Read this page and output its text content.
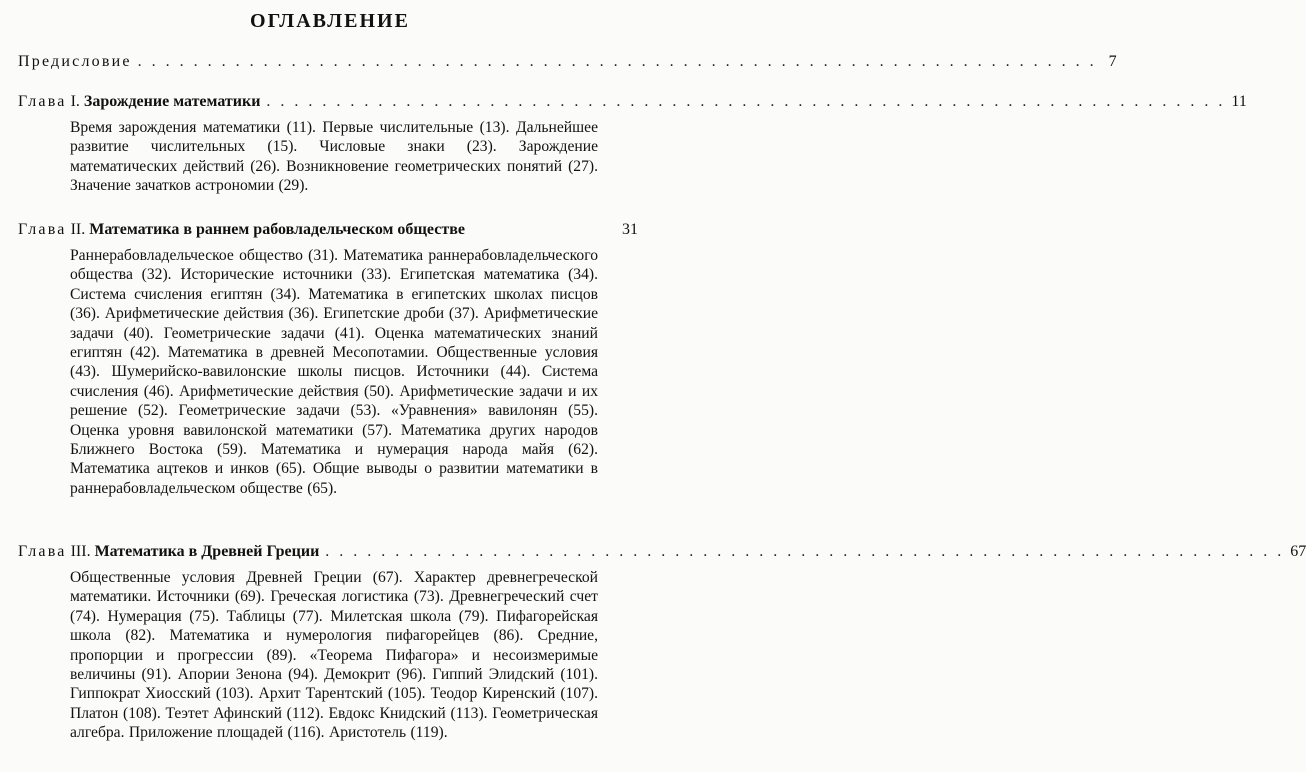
ОГЛАВЛЕНИЕ
Предисловие . . . . . . . . . . . . . . . . . . . . . . . . . . . . . . . . . . . . . . . . . . . . . . . . . . . . . . . . . . . . . . . . . . . . . 7
Глава I. Зарождение математики . . . . . . . . . . . . . . . . . . . . . . . . . . . . . . . . . . . . . . . . . . . . . . . . . . . . . . . . . . . . . . . . . . . . . 11
Время зарождения математики (11). Первые числительные (13). Дальнейшее развитие числительных (15). Числовые знаки (23). Зарождение математических действий (26). Возникновение геометрических понятий (27). Значение зачатков астрономии (29).
Глава II. Математика в раннем рабовладельческом обществе	31
Раннерабовладельческое общество (31). Математика раннерабовладельческого общества (32). Исторические источники (33). Египетская математика (34). Система счисления египтян (34). Математика в египетских школах писцов (36). Арифметические действия (36). Египетские дроби (37). Арифметические задачи (40). Геометрические задачи (41). Оценка математических знаний египтян (42). Математика в древней Месопотамии. Общественные условия (43). Шумерийско-вавилонские школы писцов. Источники (44). Система счисления (46). Арифметические действия (50). Арифметические задачи и их решение (52). Геометрические задачи (53). «Уравнения» вавилонян (55). Оценка уровня вавилонской математики (57). Математика других народов Ближнего Востока (59). Математика и нумерация народа майя (62). Математика ацтеков и инков (65). Общие выводы о развитии математики в раннерабовладельческом обществе (65).
Глава III. Математика в Древней Греции . . . . . . . . . . . . . . . . . . . . . . . . . . . . . . . . . . . . . . . . . . . . . . . . . . . . . . . . . . . . . . . . . . . . . 67
Общественные условия Древней Греции (67). Характер древнегреческой математики. Источники (69). Греческая логистика (73). Древнегреческий счет (74). Нумерация (75). Таблицы (77). Милетская школа (79). Пифагорейская школа (82). Математика и нумерология пифагорейцев (86). Средние, пропорции и прогрессии (89). «Теорема Пифагора» и несоизмеримые величины (91). Апории Зенона (94). Демокрит (96). Гиппий Элидский (101). Гиппократ Хиосский (103). Архит Тарентский (105). Теодор Киренский (107). Платон (108). Теэтет Афинский (112). Евдокс Книдский (113). Геометрическая алгебра. Приложение площадей (116). Аристотель (119).
